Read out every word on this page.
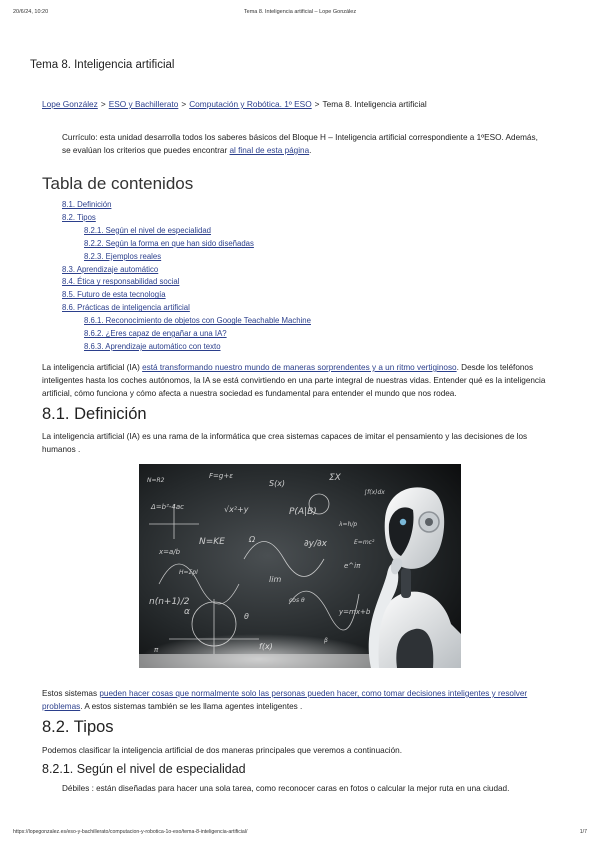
20/6/24, 10:20	Tema 8. Inteligencia artificial – Lope González
Tema 8. Inteligencia artificial
Lope González > ESO y Bachillerato > Computación y Robótica. 1º ESO > Tema 8. Inteligencia artificial
Currículo: esta unidad desarrolla todos los saberes básicos del Bloque H – Inteligencia artificial correspondiente a 1ºESO. Además, se evalúan los criterios que puedes encontrar al final de esta página.
Tabla de contenidos
8.1. Definición
8.2. Tipos
8.2.1. Según el nivel de especialidad
8.2.2. Según la forma en que han sido diseñadas
8.2.3. Ejemplos reales
8.3. Aprendizaje automático
8.4. Ética y responsabilidad social
8.5. Futuro de esta tecnología
8.6. Prácticas de inteligencia artificial
8.6.1. Reconocimiento de objetos con Google Teachable Machine
8.6.2. ¿Eres capaz de engañar a una IA?
8.6.3. Aprendizaje automático con texto
La inteligencia artificial (IA) está transformando nuestro mundo de maneras sorprendentes y a un ritmo vertiginoso. Desde los teléfonos inteligentes hasta los coches autónomos, la IA se está convirtiendo en una parte integral de nuestras vidas. Entender qué es la inteligencia artificial, cómo funciona y cómo afecta a nuestra sociedad es fundamental para entender el mundo que nos rodea.
8.1. Definición
La inteligencia artificial (IA) es una rama de la informática que crea sistemas capaces de imitar el pensamiento y las decisiones de los humanos .
N=R2
F=g+ε
S(x)
ΣX
∫f(x)dx
Δ=b²-4ac	√x²+y	P(A|B)
λ=h/p
x=a/b
Ω	∂y/∂x
H=ΣpI
e^iπ
lim
n(n+1)/2	cos θ
y=mx+b
θ
α
N=KE	E=mc²
Estos sistemas pueden hacer cosas que normalmente solo las personas pueden hacer, como tomar decisiones inteligentes y resolver problemas. A estos sistemas también se les llama agentes inteligentes .
8.2. Tipos
Podemos clasificar la inteligencia artificial de dos maneras principales que veremos a continuación.
8.2.1. Según el nivel de especialidad
Débiles : están diseñadas para hacer una sola tarea, como reconocer caras en fotos o calcular la mejor ruta en una ciudad.
https://lopegonzalez.es/eso-y-bachillerato/computacion-y-robotica-1o-eso/tema-8-inteligencia-artificial/	1/7
